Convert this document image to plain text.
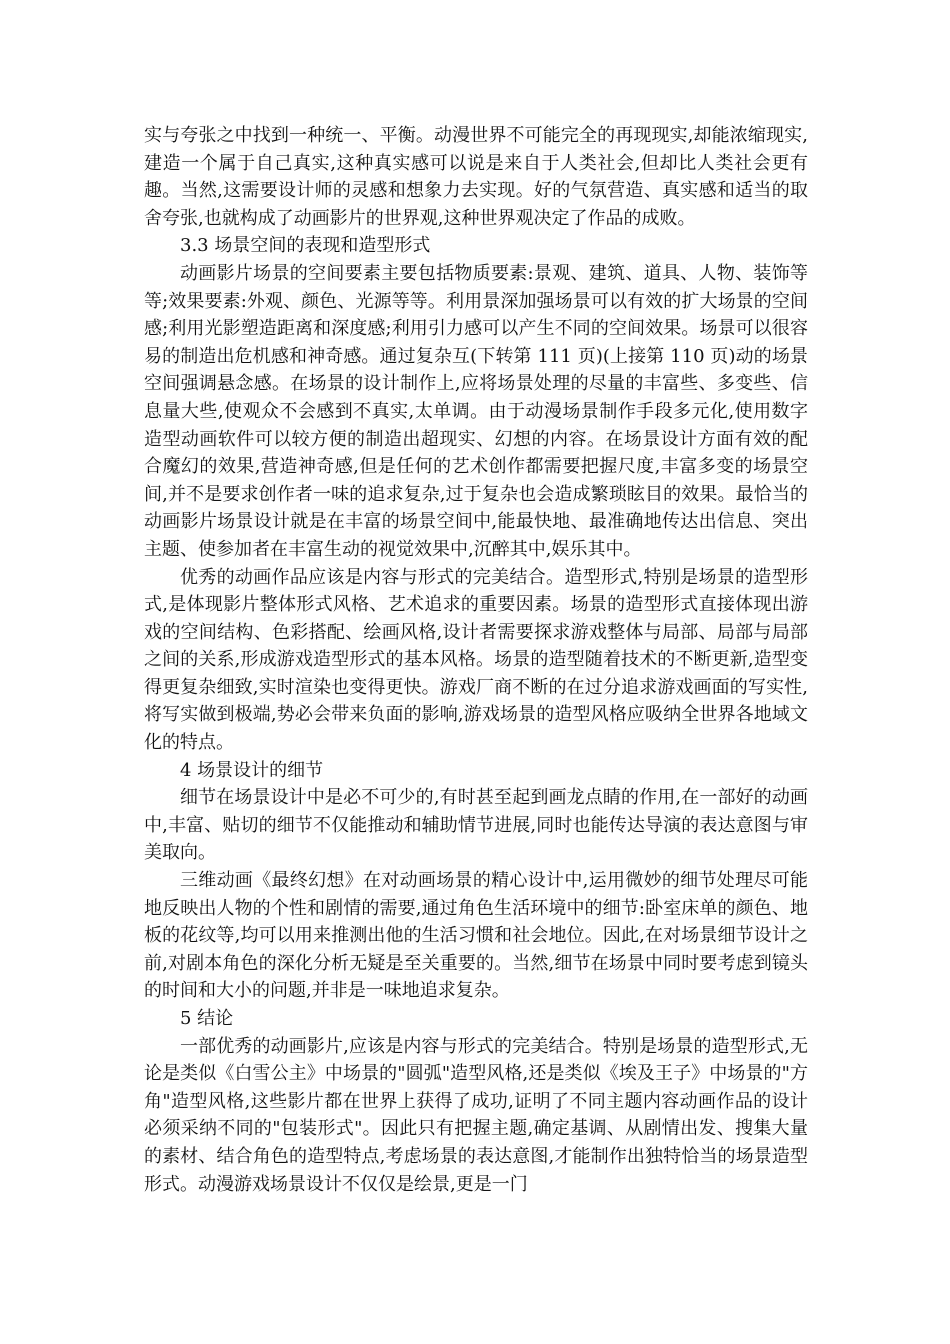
实与夸张之中找到一种统一、平衡。动漫世界不可能完全的再现现实,却能浓缩现实,建造一个属于自己真实,这种真实感可以说是来自于人类社会,但却比人类社会更有趣。当然,这需要设计师的灵感和想象力去实现。好的气氛营造、真实感和适当的取舍夸张,也就构成了动画影片的世界观,这种世界观决定了作品的成败。

3.3 场景空间的表现和造型形式

动画影片场景的空间要素主要包括物质要素:景观、建筑、道具、人物、装饰等等;效果要素:外观、颜色、光源等等。利用景深加强场景可以有效的扩大场景的空间感;利用光影塑造距离和深度感;利用引力感可以产生不同的空间效果。场景可以很容易的制造出危机感和神奇感。通过复杂互(下转第 111 页)(上接第 110 页)动的场景空间强调悬念感。在场景的设计制作上,应将场景处理的尽量的丰富些、多变些、信息量大些,使观众不会感到不真实,太单调。由于动漫场景制作手段多元化,使用数字造型动画软件可以较方便的制造出超现实、幻想的内容。在场景设计方面有效的配合魔幻的效果,营造神奇感,但是任何的艺术创作都需要把握尺度,丰富多变的场景空间,并不是要求创作者一味的追求复杂,过于复杂也会造成繁琐眩目的效果。最恰当的动画影片场景设计就是在丰富的场景空间中,能最快地、最准确地传达出信息、突出主题、使参加者在丰富生动的视觉效果中,沉醉其中,娱乐其中。

优秀的动画作品应该是内容与形式的完美结合。造型形式,特别是场景的造型形式,是体现影片整体形式风格、艺术追求的重要因素。场景的造型形式直接体现出游戏的空间结构、色彩搭配、绘画风格,设计者需要探求游戏整体与局部、局部与局部之间的关系,形成游戏造型形式的基本风格。场景的造型随着技术的不断更新,造型变得更复杂细致,实时渲染也变得更快。游戏厂商不断的在过分追求游戏画面的写实性,将写实做到极端,势必会带来负面的影响,游戏场景的造型风格应吸纳全世界各地域文化的特点。

4 场景设计的细节

细节在场景设计中是必不可少的,有时甚至起到画龙点睛的作用,在一部好的动画中,丰富、贴切的细节不仅能推动和辅助情节进展,同时也能传达导演的表达意图与审美取向。

三维动画《最终幻想》在对动画场景的精心设计中,运用微妙的细节处理尽可能地反映出人物的个性和剧情的需要,通过角色生活环境中的细节:卧室床单的颜色、地板的花纹等,均可以用来推测出他的生活习惯和社会地位。因此,在对场景细节设计之前,对剧本角色的深化分析无疑是至关重要的。当然,细节在场景中同时要考虑到镜头的时间和大小的问题,并非是一味地追求复杂。

5 结论

一部优秀的动画影片,应该是内容与形式的完美结合。特别是场景的造型形式,无论是类似《白雪公主》中场景的"圆弧"造型风格,还是类似《埃及王子》中场景的"方角"造型风格,这些影片都在世界上获得了成功,证明了不同主题内容动画作品的设计必须采纳不同的"包装形式"。因此只有把握主题,确定基调、从剧情出发、搜集大量的素材、结合角色的造型特点,考虑场景的表达意图,才能制作出独特恰当的场景造型形式。动漫游戏场景设计不仅仅是绘景,更是一门
